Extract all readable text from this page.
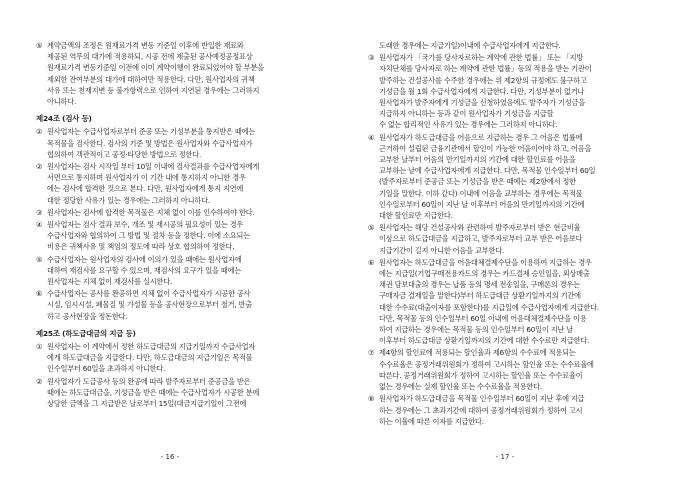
⑤ 계약금액의 조정은 원재료가격 변동 기준일 이후에 반입한 재료와
제공된 역무의 대가에 적용하되, 시공 전에 제출된 공사예정공정표상
원재료가격 변동기준일 이전에 이미 계약이행이 완료되었어야 할 부분을
제외한 잔여부분의 대가에 대하여만 적용한다. 다만, 원사업자의 귀책
사유 또는 천재지변 등 불가항력으로 인하여 지연된 경우에는 그러하지
아니하다.
제24조 (검사 등)
① 원사업자는 수급사업자로부터 준공 또는 기성부분을 통지받은 때에는
목적물을 검사한다. 검사의 기준 및 방법은 원사업자와 수급사업자가
협의하여 객관적이고 공정·타당한 방법으로 정한다.
② 원사업자는 검사 시작일 부터 10일 이내에 검사결과를 수급사업자에게
서면으로 통지하며 원사업자가 이 기간 내에 통지하지 아니한 경우
에는 검사에 합격한 것으로 본다. 다만, 원사업자에게 통지 지연에
대한 정당한 사유가 있는 경우에는 그러하지 아니하다.
③ 원사업자는 검사에 합격한 목적물은 지체 없이 이를 인수하여야 한다.
④ 원사업자는 검사 결과 보수, 개조 및 재시공의 필요성이 있는 경우
수급사업자와 협의하여 그 방법 및 절차 등을 정한다. 이에 소요되는
비용은 귀책사유 및 책임의 정도에 따라 상호 협의하여 정한다.
⑤ 수급사업자는 원사업자의 검사에 이의가 있을 때에는 원사업자에
대하여 재검사를 요구할 수 있으며, 재검사의 요구가 있을 때에는
원사업자는 지체 없이 재검사를 실시한다.
⑥ 수급사업자는 공사를 완공하면 지체 없이 수급사업자가 시공한 공사
시설, 임시시설, 폐물질 및 가설물 등을 공사현장으로부터 철거, 반출
하고 공사현장을 정돈한다.
제25조 (하도급대금의 지급 등)
① 원사업자는 이 계약에서 정한 하도급대금의 지급기일까지 수급사업자
에게 하도급대금을 지급한다. 다만, 하도급대금의 지급기일은 목적물
인수일부터 60일을 초과하지 아니한다.
② 원사업자가 도급공사 등의 완공에 따라 발주자로부터 준공금을 받은
때에는 하도급대금을, 기성금을 받은 때에는 수급사업자가 시공한 분에
상당한 금액을 그 지급받은 날로부터 15일(대금지급기일이 그전에
도래한 경우에는 지급기일)이내에 수급사업자에게 지급한다.
③ 원사업자가 「국가를 당사자로하는 계약에 관한 법률」 또는 「지방
자치단체를 당사자로 하는 계약에 관한 법률」등의 적용을 받는 기관이
발주하는 건설공사를 수주한 경우에는 위 제2항의 규정에도 불구하고
기성금을 월 1회 수급사업자에게 지급한다. 다만, 기성부분이 없거나
원사업자가 발주자에게 기성금을 신청하였음에도 발주자가 기성금을
지급하지 아니하는 등과 같이 원사업자가 기성금을 지급할
수 없는 합리적인 사유가 있는 경우에는 그러하지 아니하다.
④ 원사업자가 하도급대금을 어음으로 지급하는 경우 그 어음은 법률에
근거하여 설립된 금융기관에서 할인이 가능한 어음이어야 하고, 어음을
교부한 날부터 어음의 만기일까지의 기간에 대한 할인료를 어음을
교부하는 날에 수급사업자에게 지급한다. 다만, 목적물 인수일부터 60일
(발주자로부터 준공금 또는 기성금을 받은 때에는 제2항에서 정한
기일을 말한다. 이하 같다) 이내에 어음을 교부하는 경우에는 목적물
인수일로부터 60일이 지난 날 이후부터 어음의 만기일까지의 기간에
대한 할인료만 지급한다.
⑤ 원사업자는 해당 건설공사와 관련하여 발주자로부터 받은 현금비율
이상으로 하도급대금을 지급하고, 발주자로부터 교부 받은 어음보다
지급기간이 길지 아니한 어음을 교부한다.
⑥ 원사업자는 하도급대금을 어음대체결제수단을 이용하여 지급하는 경우
에는 지급일(기업구매전용카드의 경우는 카드결제 승인일을, 외상매출
채권 담보대출의 경우는 납품 등의 명세 전송일을, 구매론의 경우는
구매자금 결제일을 말한다)부터 하도급대금 상환기일까지의 기간에
대한 수수료(대출이자를 포함한다)를 지급일에 수급사업자에게 지급한다.
다만, 목적물 등의 인수일부터 60일 이내에 어음대체결제수단을 이용
하여 지급하는 경우에는 목적물 등의 인수일부터 60일이 지난 날
이후부터 하도급대금 상환기일까지의 기간에 대한 수수료만 지급한다.
⑦ 제4항의 할인료에 적용되는 할인율과 제6항의 수수료에 적용되는
수수료율은 공정거래위원회가 정하여 고시하는 할인율 또는 수수료율에
따른다. 공정거래위원회가 정하여 고시하는 할인율 또는 수수료율이
없는 경우에는 실제 할인율 또는 수수료율을 적용한다.
⑧ 원사업자가 하도급대금을 목적물 인수일부터 60일이 지난 후에 지급
하는 경우에는 그 초과기간에 대하여 공정거래위원회가 정하여 고시
하는 이율에 따른 이자를 지급한다.
- 16 -	- 17 -
